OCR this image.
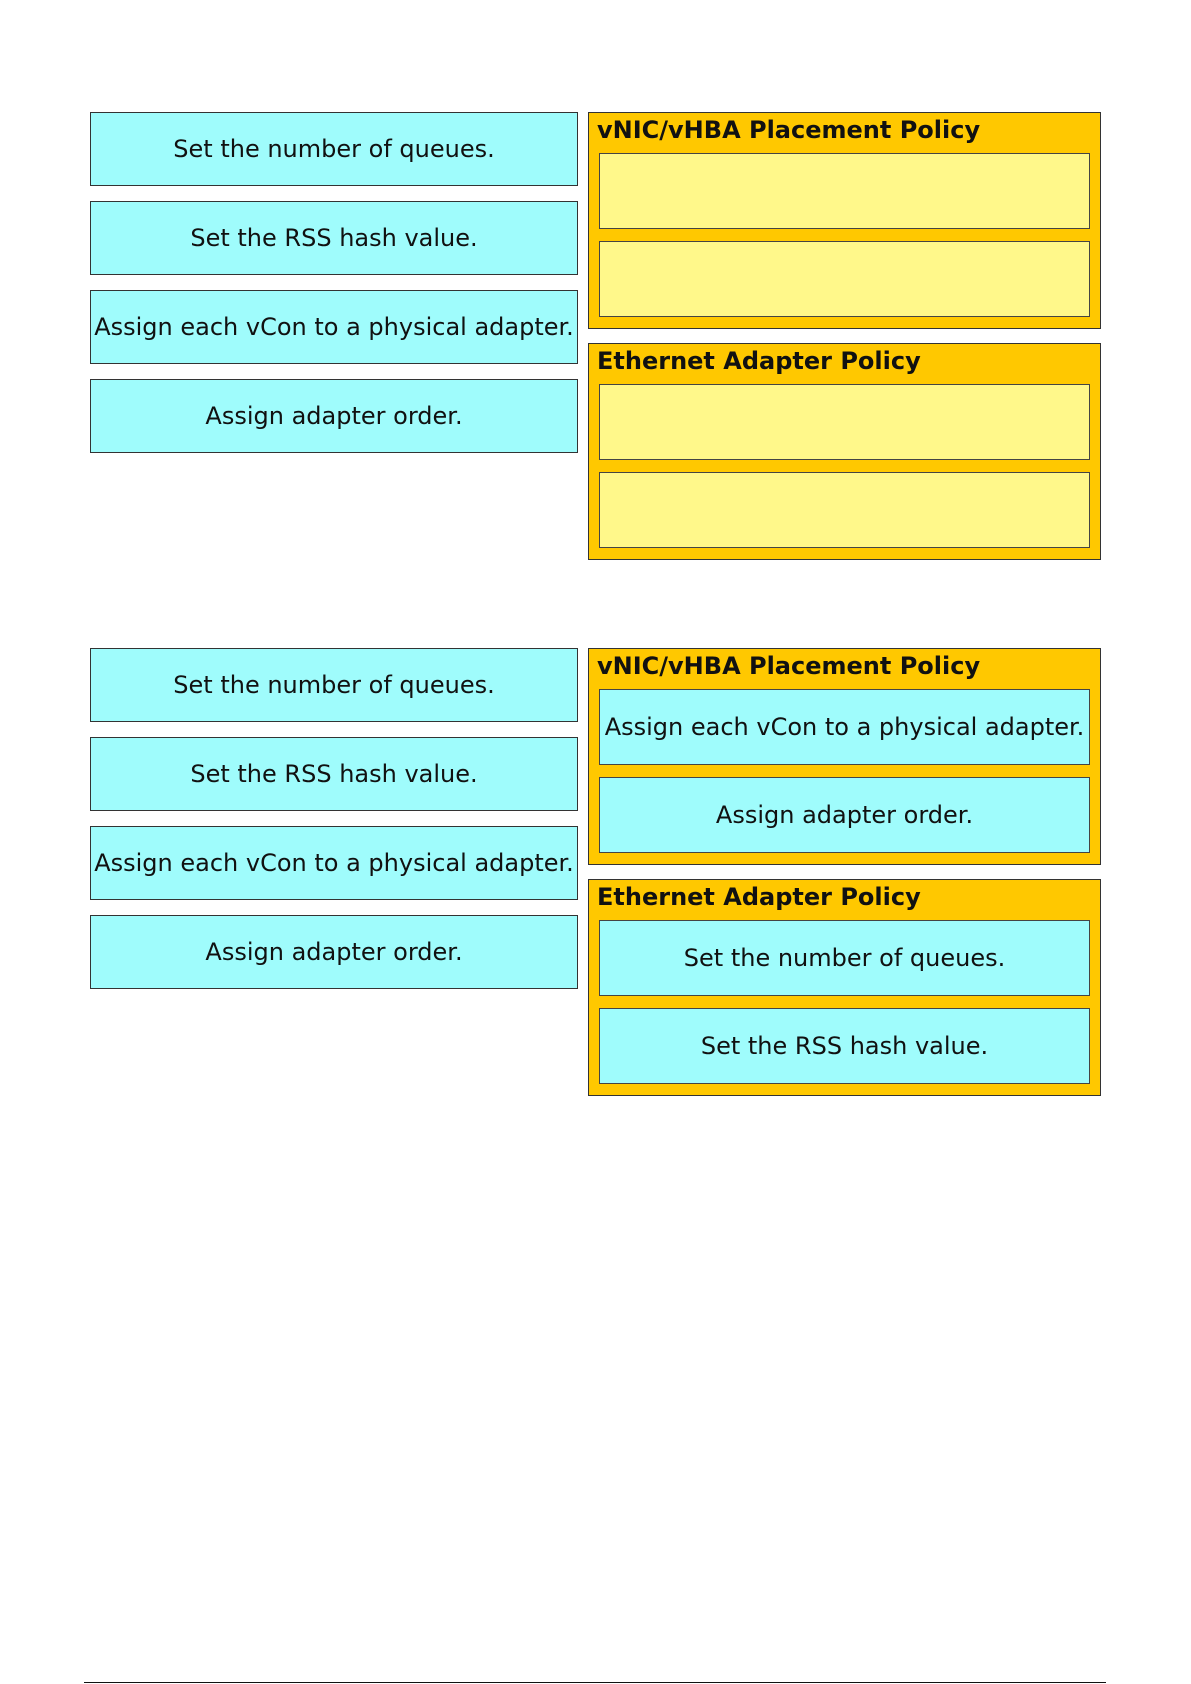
Set the number of queues.
Set the RSS hash value.
Assign each vCon to a physical adapter.
Assign adapter order.
vNIC/vHBA Placement Policy
Ethernet Adapter Policy
Set the number of queues.
Set the RSS hash value.
Assign each vCon to a physical adapter.
Assign adapter order.
vNIC/vHBA Placement Policy
Assign each vCon to a physical adapter.
Assign adapter order.
Ethernet Adapter Policy
Set the number of queues.
Set the RSS hash value.
